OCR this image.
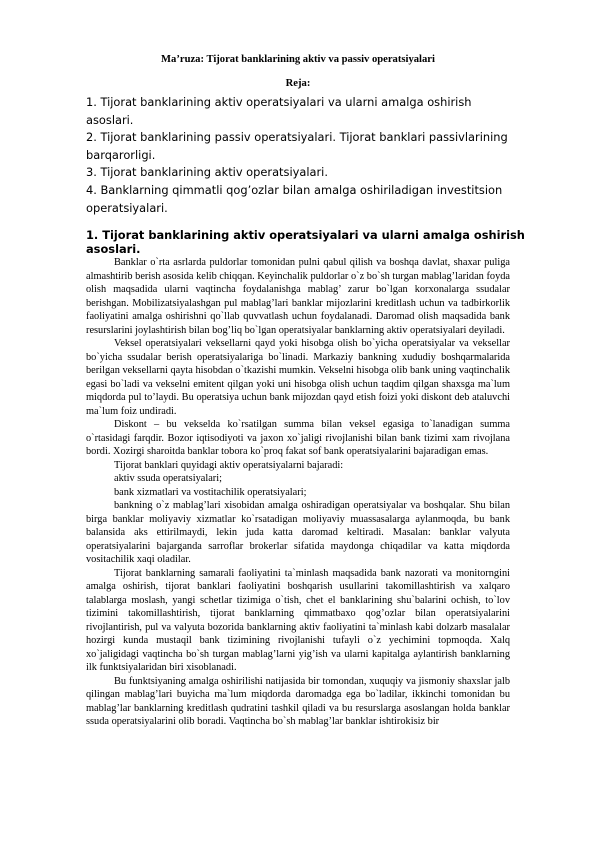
Ma’ruza: Tijorat banklarining aktiv va passiv operatsiyalari
Reja:

1. Tijorat banklarining aktiv operatsiyalari va ularni amalga oshirish asoslari.

2. Tijorat banklarining passiv operatsiyalari. Tijorat banklari passivlarining barqarorligi.

3. Tijorat banklarining aktiv operatsiyalari.

4. Banklarning qimmatli qog’ozlar bilan amalga oshiriladigan investitsion operatsiyalari.

1. Tijorat banklarining aktiv operatsiyalari va ularni amalga oshirish asoslari.

Banklar o`rta asrlarda puldorlar tomonidan pulni qabul qilish va boshqa davlat, shaxar puliga almashtirib berish asosida kelib chiqqan. Keyinchalik puldorlar o`z bo`sh turgan mablag’laridan foyda olish maqsadida ularni vaqtincha foydalanishga mablag’ zarur bo`lgan korxonalarga ssudalar berishgan. Mobilizatsiyalashgan pul mablag’lari banklar mijozlarini kreditlash uchun va tadbirkorlik faoliyatini amalga oshirishni qo`llab quvvatlash uchun foydalanadi. Daromad olish maqsadida bank resurslarini joylashtirish bilan bog’liq bo`lgan operatsiyalar banklarning aktiv operatsiyalari deyiladi.

Veksel operatsiyalari veksellarni qayd yoki hisobga olish bo`yicha operatsiyalar va veksellar bo`yicha ssudalar berish operatsiyalariga bo`linadi. Markaziy bankning xududiy boshqarmalarida berilgan veksellarni qayta hisobdan o`tkazishi mumkin. Vekselni hisobga olib bank uning vaqtinchalik egasi bo`ladi va vekselni emitent qilgan yoki uni hisobga olish uchun taqdim qilgan shaxsga ma`lum miqdorda pul to’laydi. Bu operatsiya uchun bank mijozdan qayd etish foizi yoki diskont deb ataluvchi ma`lum foiz undiradi.

Diskont – bu vekselda ko`rsatilgan summa bilan veksel egasiga to`lanadigan summa o`rtasidagi farqdir. Bozor iqtisodiyoti va jaxon xo`jaligi rivojlanishi bilan bank tizimi xam rivojlana bordi. Xozirgi sharoitda banklar tobora ko`proq fakat sof bank operatsiyalarini bajaradigan emas.

Tijorat banklari quyidagi aktiv operatsiyalarni bajaradi:

aktiv ssuda operatsiyalari;

bank xizmatlari va vostitachilik operatsiyalari;

bankning o`z mablag’lari xisobidan amalga oshiradigan operatsiyalar va boshqalar. Shu bilan birga banklar moliyaviy xizmatlar ko`rsatadigan moliyaviy muassasalarga aylanmoqda, bu bank balansida aks ettirilmaydi, lekin juda katta daromad keltiradi. Masalan: banklar valyuta operatsiyalarini bajarganda sarroflar brokerlar sifatida maydonga chiqadilar va katta miqdorda vositachilik xaqi oladilar.

Tijorat banklarning samarali faoliyatini ta`minlash maqsadida bank nazorati va monitorngini amalga oshirish, tijorat banklari faoliyatini boshqarish usullarini takomillashtirish va xalqaro talablarga moslash, yangi schetlar tizimiga o`tish, chet el banklarining shu`balarini ochish, to`lov tizimini takomillashtirish, tijorat banklarning qimmatbaxo qog’ozlar bilan operatsiyalarini rivojlantirish, pul va valyuta bozorida banklarning aktiv faoliyatini ta`minlash kabi dolzarb masalalar hozirgi kunda mustaqil bank tizimining rivojlanishi tufayli o`z yechimini topmoqda. Xalq xo`jaligidagi vaqtincha bo`sh turgan mablag’larni yig’ish va ularni kapitalga aylantirish banklarning ilk funktsiyalaridan biri xisoblanadi.

Bu funktsiyaning amalga oshirilishi natijasida bir tomondan, xuquqiy va jismoniy shaxslar jalb qilingan mablag’lari buyicha ma`lum miqdorda daromadga ega bo`ladilar, ikkinchi tomonidan bu mablag’lar banklarning kreditlash qudratini tashkil qiladi va bu resurslarga asoslangan holda banklar ssuda operatsiyalarini olib boradi. Vaqtincha bo`sh mablag’lar banklar ishtirokisiz bir
